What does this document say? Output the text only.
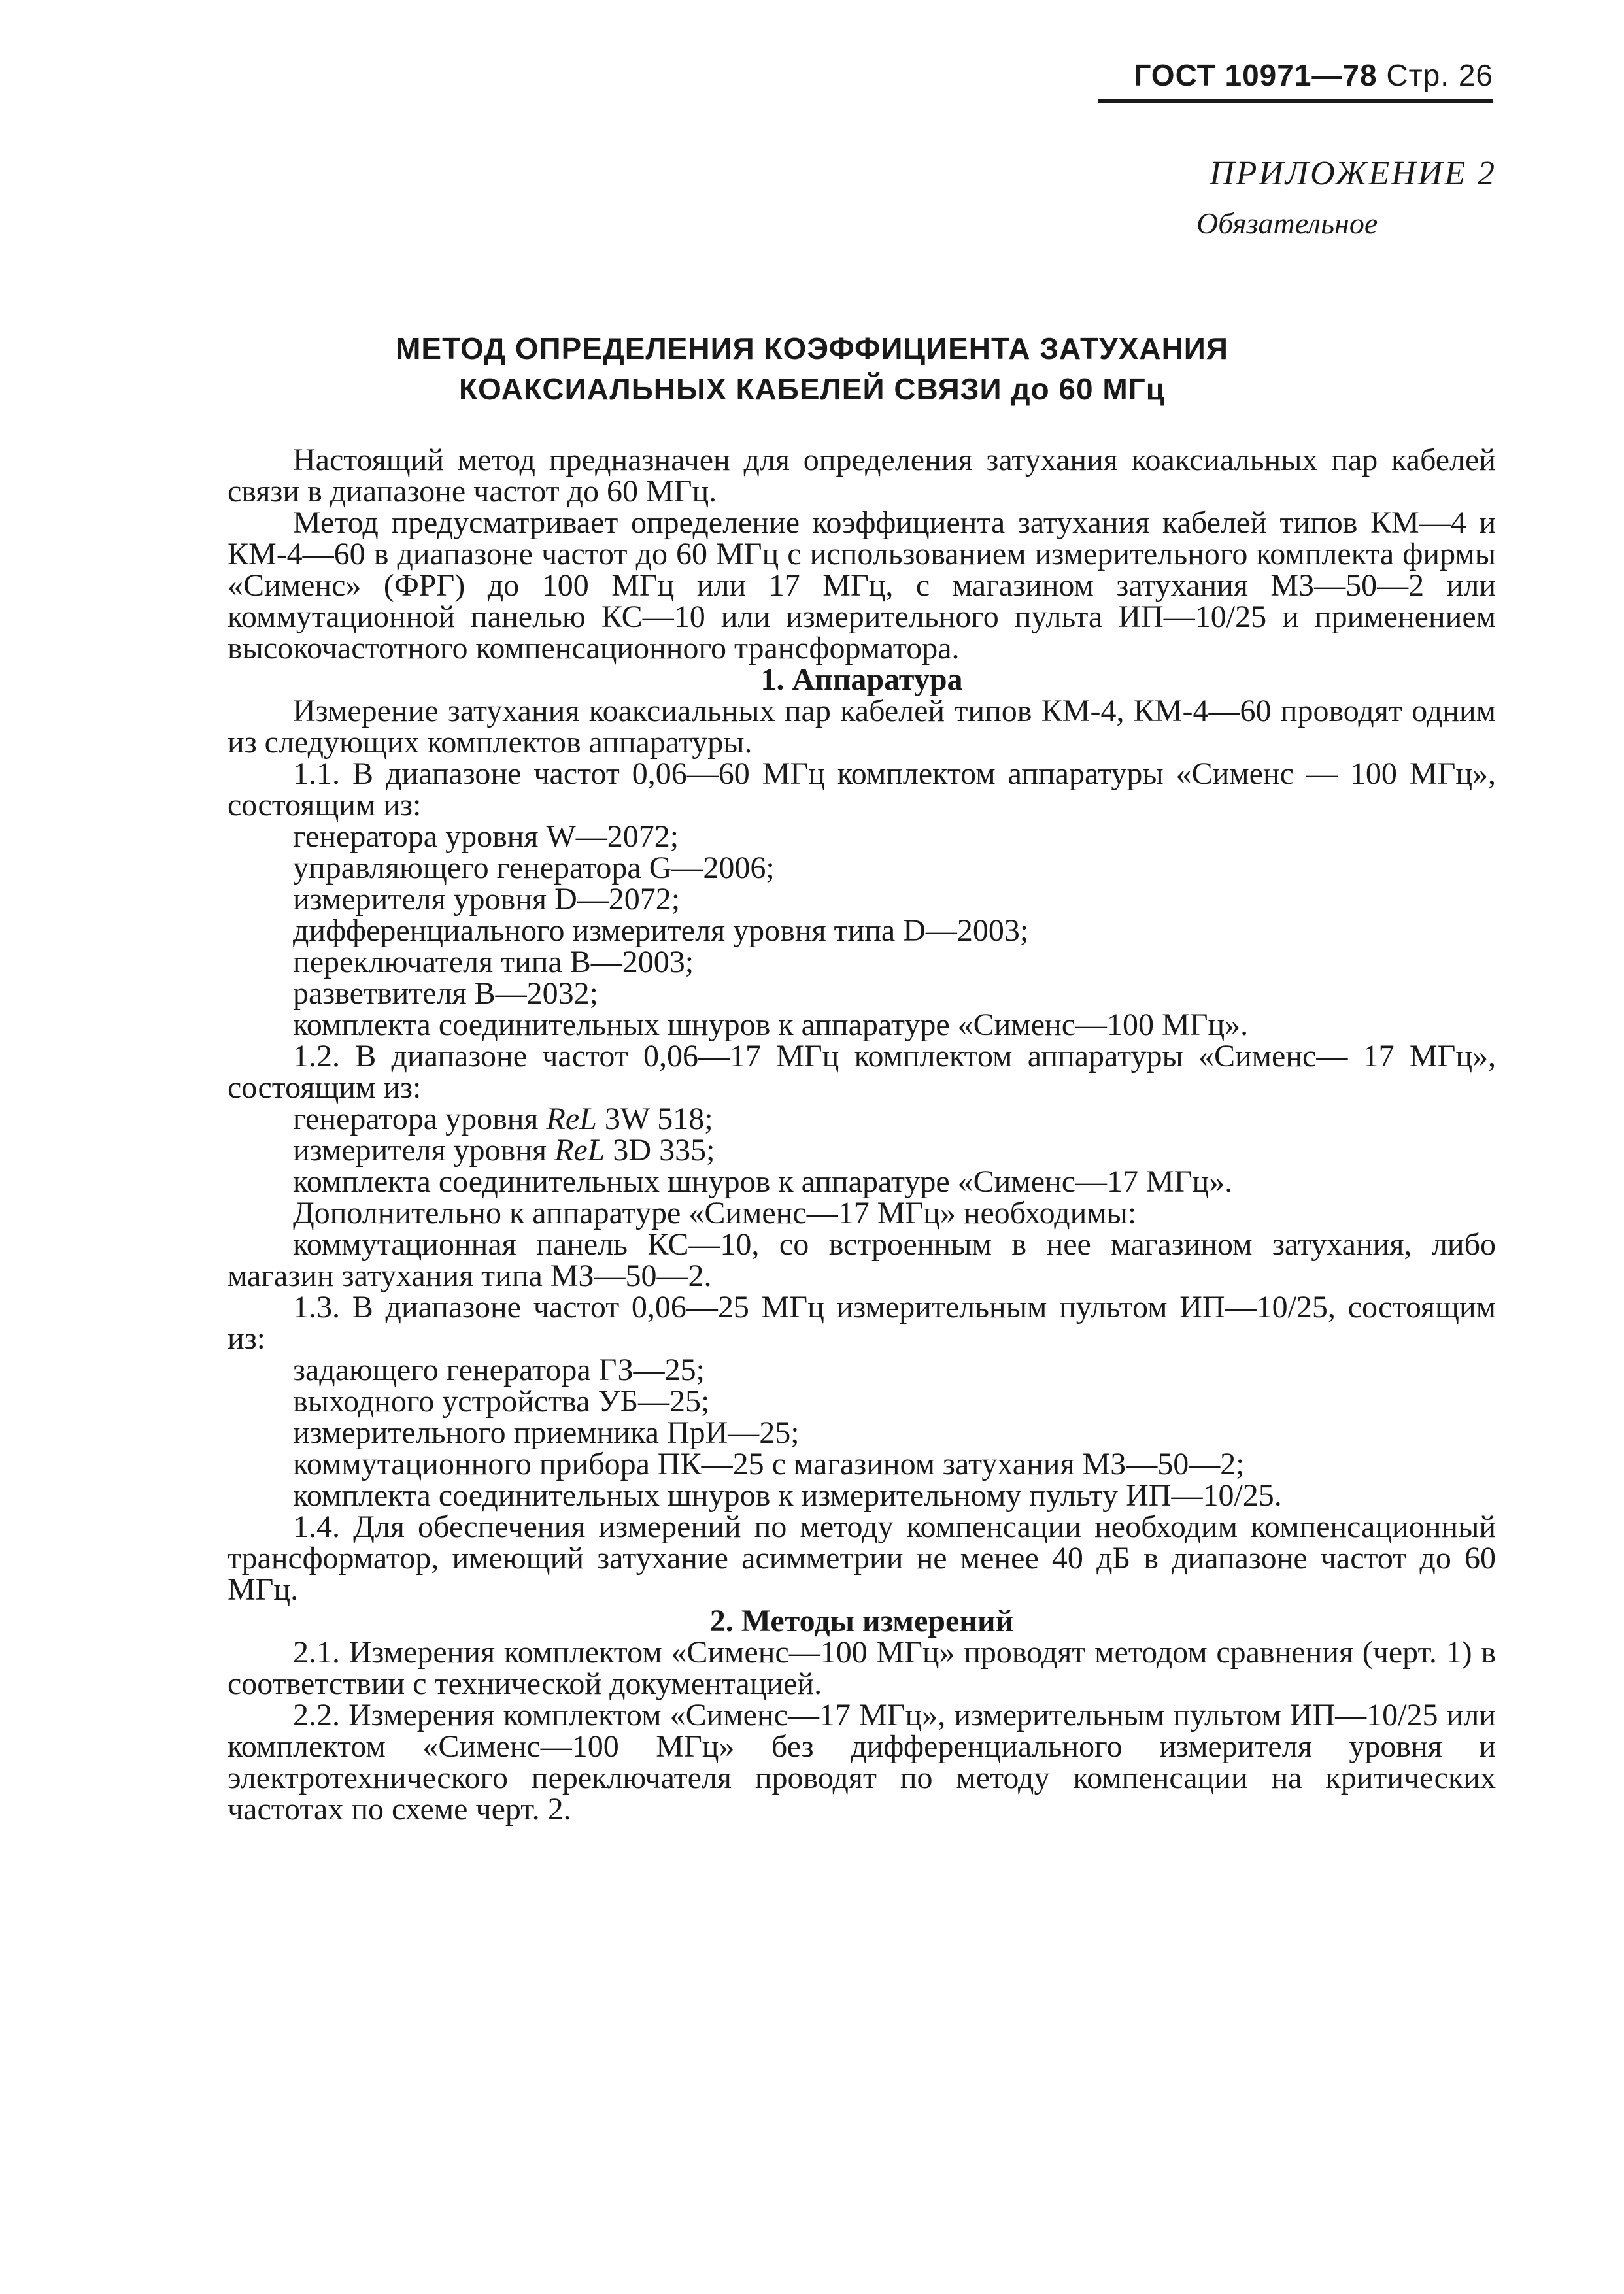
ГОСТ 10971—78 Стр. 26
ПРИЛОЖЕНИЕ 2
Обязательное
МЕТОД ОПРЕДЕЛЕНИЯ КОЭФФИЦИЕНТА ЗАТУХАНИЯ
КОАКСИАЛЬНЫХ КАБЕЛЕЙ СВЯЗИ до 60 МГц

Настоящий метод предназначен для определения затухания коаксиальных пар кабелей связи в диапазоне частот до 60 МГц.

Метод предусматривает определение коэффициента затухания кабелей типов КМ—4 и КМ-4—60 в диапазоне частот до 60 МГц с использованием измерительного комплекта фирмы «Сименс» (ФРГ) до 100 МГц или 17 МГц, с магазином затухания МЗ—50—2 или коммутационной панелью КС—10 или измерительного пульта ИП—10/25 и применением высокочастотного компенсационного трансформатора.

1. Аппаратура

Измерение затухания коаксиальных пар кабелей типов КМ-4, КМ-4—60 проводят одним из следующих комплектов аппаратуры.

1.1. В диапазоне частот 0,06—60 МГц комплектом аппаратуры «Сименс — 100 МГц», состоящим из:

генератора уровня W—2072;

управляющего генератора G—2006;

измерителя уровня D—2072;

дифференциального измерителя уровня типа D—2003;

переключателя типа В—2003;

разветвителя В—2032;

комплекта соединительных шнуров к аппаратуре «Сименс—100 МГц».

1.2. В диапазоне частот 0,06—17 МГц комплектом аппаратуры «Сименс— 17 МГц», состоящим из:

генератора уровня ReL 3W 518;

измерителя уровня ReL 3D 335;

комплекта соединительных шнуров к аппаратуре «Сименс—17 МГц».

Дополнительно к аппаратуре «Сименс—17 МГц» необходимы:

коммутационная панель КС—10, со встроенным в нее магазином затухания, либо магазин затухания типа МЗ—50—2.

1.3. В диапазоне частот 0,06—25 МГц измерительным пультом ИП—10/25, состоящим из:

задающего генератора ГЗ—25;

выходного устройства УБ—25;

измерительного приемника ПрИ—25;

коммутационного прибора ПК—25 с магазином затухания МЗ—50—2;

комплекта соединительных шнуров к измерительному пульту ИП—10/25.

1.4. Для обеспечения измерений по методу компенсации необходим компенсационный трансформатор, имеющий затухание асимметрии не менее 40 дБ в диапазоне частот до 60 МГц.

2. Методы измерений

2.1. Измерения комплектом «Сименс—100 МГц» проводят методом сравнения (черт. 1) в соответствии с технической документацией.

2.2. Измерения комплектом «Сименс—17 МГц», измерительным пультом ИП—10/25 или комплектом «Сименс—100 МГц» без дифференциального измерителя уровня и электротехнического переключателя проводят по методу компенсации на критических частотах по схеме черт. 2.
